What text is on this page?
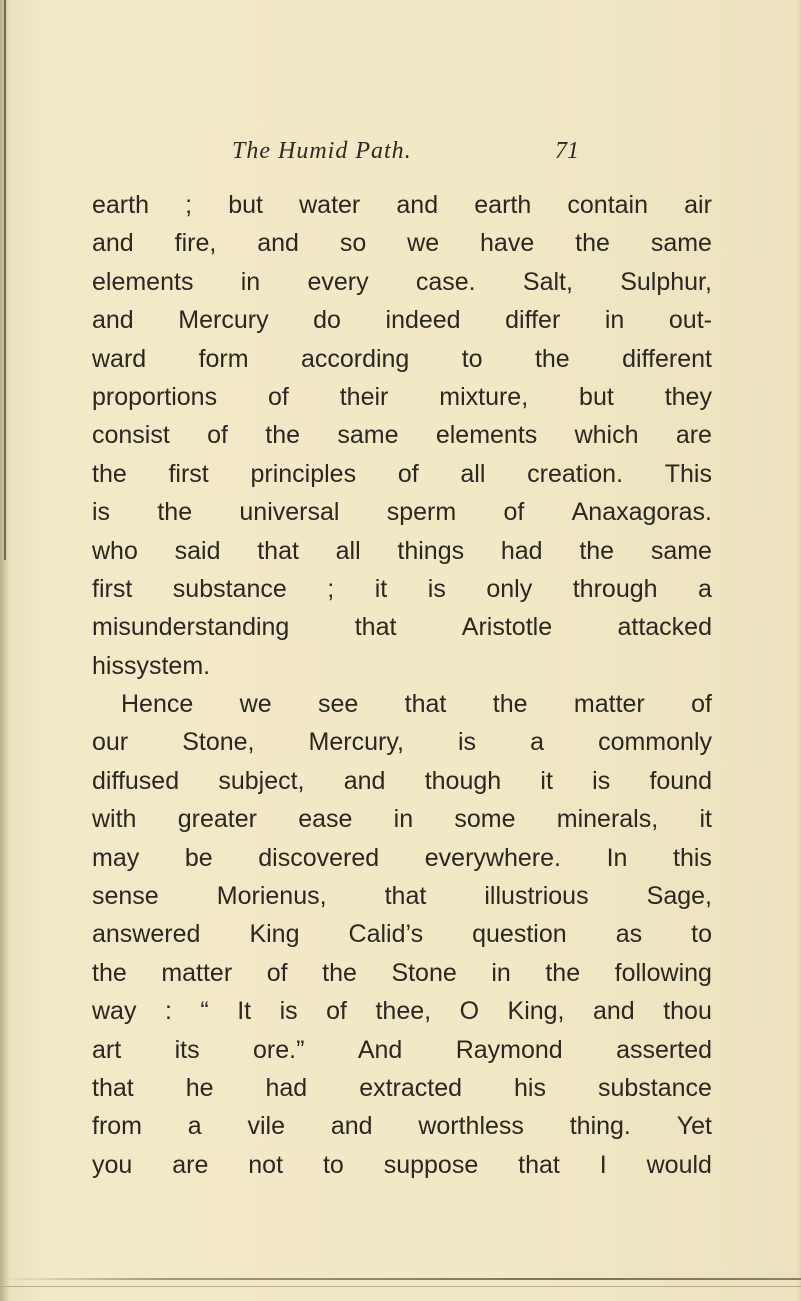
The Humid Path.	71
earth ; but water and earth contain air
and fire, and so we have the same
elements in every case. Salt, Sulphur,
and Mercury do indeed differ in out-
ward form according to the different
proportions of their mixture, but they
consist of the same elements which are
the first principles of all creation. This
is the universal sperm of Anaxagoras.
who said that all things had the same
first substance ; it is only through a
misunderstanding	that	Aristotle	attacked
his system.
Hence we see that the matter of
our Stone, Mercury, is a commonly
diffused subject, and though it is found
with greater ease in some minerals, it
may be discovered everywhere. In this
sense Morienus, that illustrious Sage,
answered King Calid’s question as to
the matter of the Stone in the following
way : “ It is of thee, O King, and thou
art its ore.” And Raymond asserted
that he had extracted his substance
from a vile and worthless thing. Yet
you are not to suppose that I would
